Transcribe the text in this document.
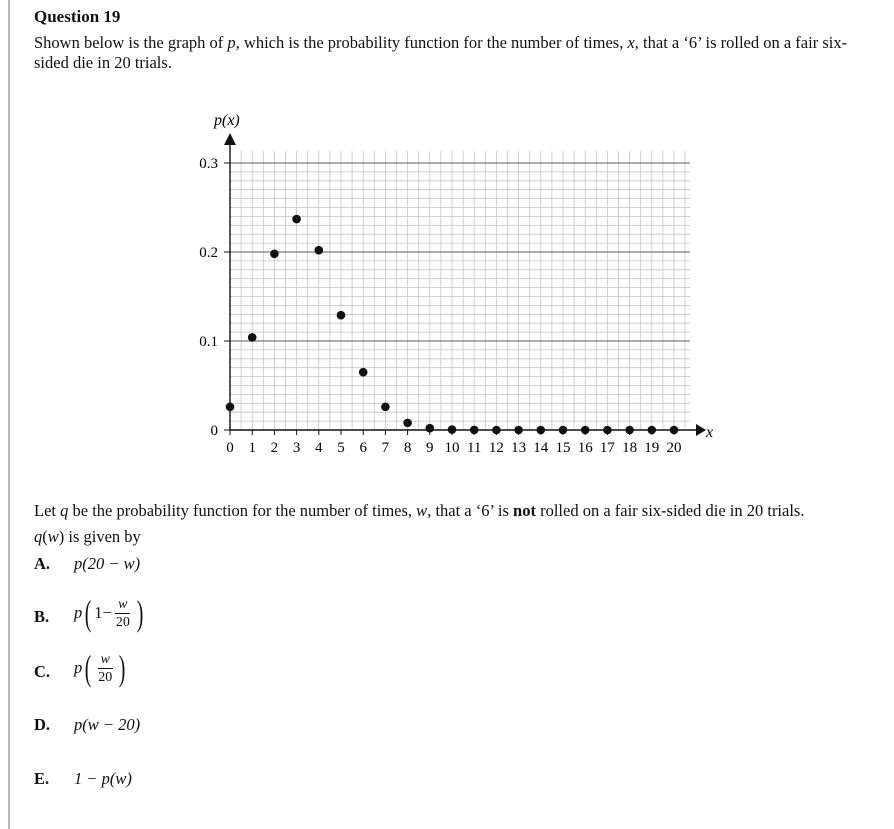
Question 19
Shown below is the graph of p, which is the probability function for the number of times, x, that a ‘6’ is rolled on a fair six-sided die in 20 trials.
0
0.1
0.2
0.3
0 1 2 3 4 5 6 7 8 9 10 11 12 13 14 15 16 17 18 19 20
p(x)
x
Let q be the probability function for the number of times, w, that a ‘6’ is not rolled on a fair six-sided die in 20 trials.
q(w) is given by
A. p(20 − w)
B. p ( $1- \frac{w}{20}$ )
C. p ( $\frac{w}{20}$ )
D. p(w − 20)
E. 1 − p(w)
